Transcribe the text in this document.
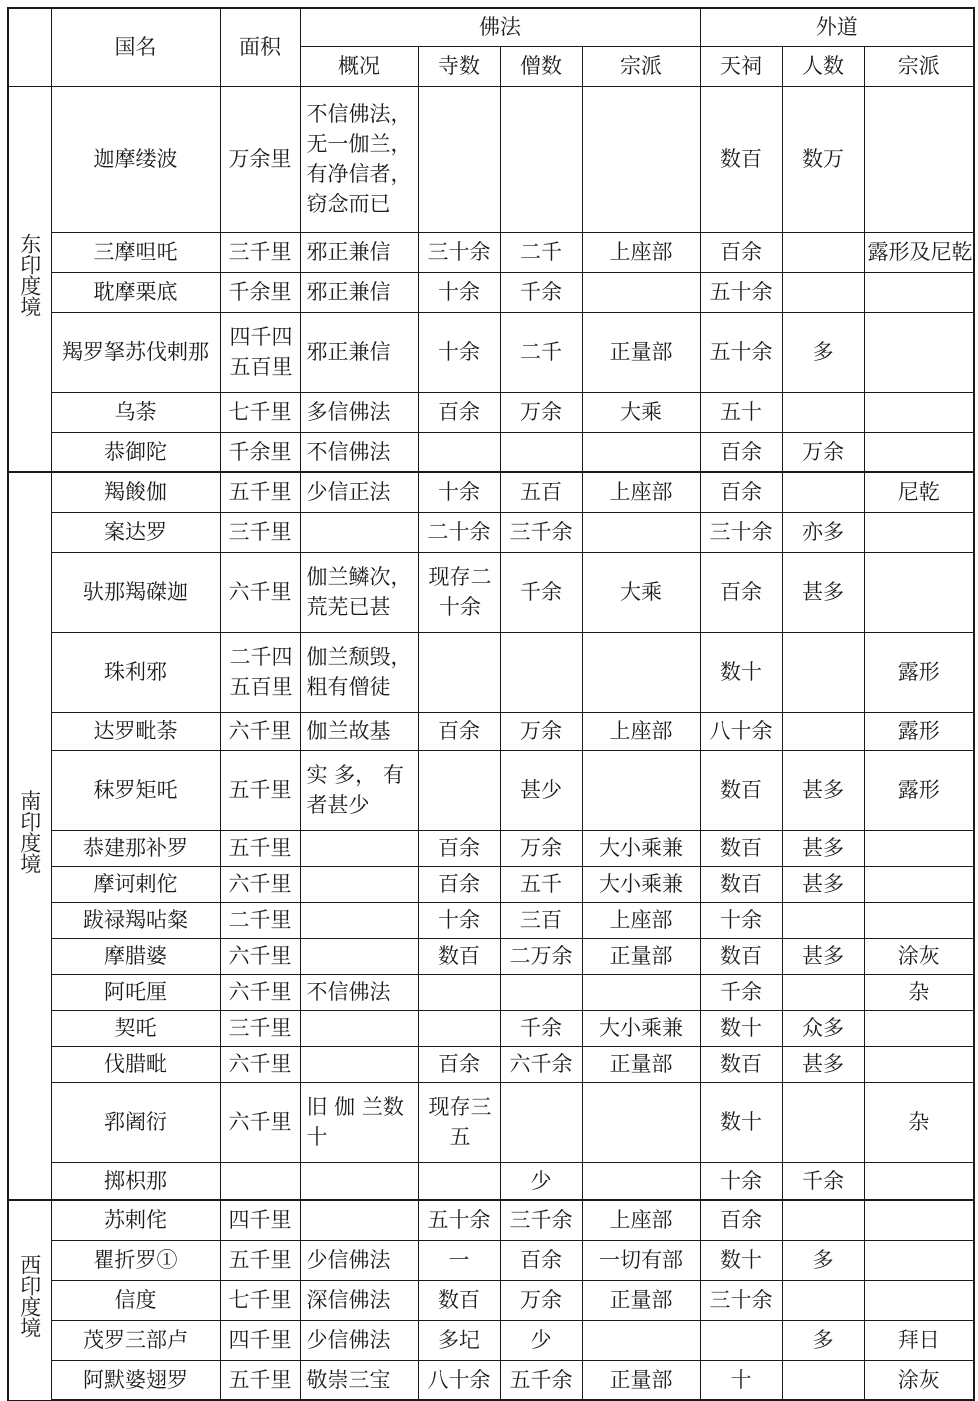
	国名	面积	佛法				外道		
			概况	寺数	僧数	宗派	天祠	人数	宗派
东印度境	迦摩缕波	万余里	不信佛法，无一伽兰，有净信者，窃念而已				数百	数万	
	三摩呾吒	三千里	邪正兼信	三十余	二千	上座部	百余		露形及尼乾
	耽摩栗底	千余里	邪正兼信	十余	千余		五十余		
	羯罗拏苏伐剌那	四千四五百里	邪正兼信	十余	二千	正量部	五十余	多	
	乌荼	七千里	多信佛法	百余	万余	大乘	五十		
	恭御陀	千余里	不信佛法				百余	万余	
南印度境	羯餕伽	五千里	少信正法	十余	五百	上座部	百余		尼乾
	案达罗	三千里		二十余	三千余		三十余	亦多	
	驮那羯磔迦	六千里	伽兰鳞次，荒芜已甚	现存二十余	千余	大乘	百余	甚多	
	珠利邪	二千四五百里	伽兰颓毁，粗有僧徒				数十		露形
	达罗毗荼	六千里	伽兰故基	百余	万余	上座部	八十余		露形
	秣罗矩吒	五千里	实 多， 有者甚少		甚少		数百	甚多	露形
	恭建那补罗	五千里		百余	万余	大小乘兼	数百	甚多	
	摩诃剌佗	六千里		百余	五千	大小乘兼	数百	甚多	
	跋禄羯呫粲	二千里		十余	三百	上座部	十余		
	摩腊婆	六千里		数百	二万余	正量部	数百	甚多	涂灰
	阿吒厘	六千里	不信佛法				千余		杂
	契吒	三千里			千余	大小乘兼	数十	众多	
	伐腊毗	六千里		百余	六千余	正量部	数百	甚多	
	郛阇衍	六千里	旧 伽 兰数十	现存三五			数十		杂
	掷枳那				少		十余	千余	
西印度境	苏剌侘	四千里		五十余	三千余	上座部	百余		
	瞿折罗①	五千里	少信佛法	一	百余	一切有部	数十	多	
	信度	七千里	深信佛法	数百	万余	正量部	三十余		
	茂罗三部卢	四千里	少信佛法	多圮	少			多	拜日
	阿默婆翅罗	五千里	敬崇三宝	八十余	五千余	正量部	十		涂灰
